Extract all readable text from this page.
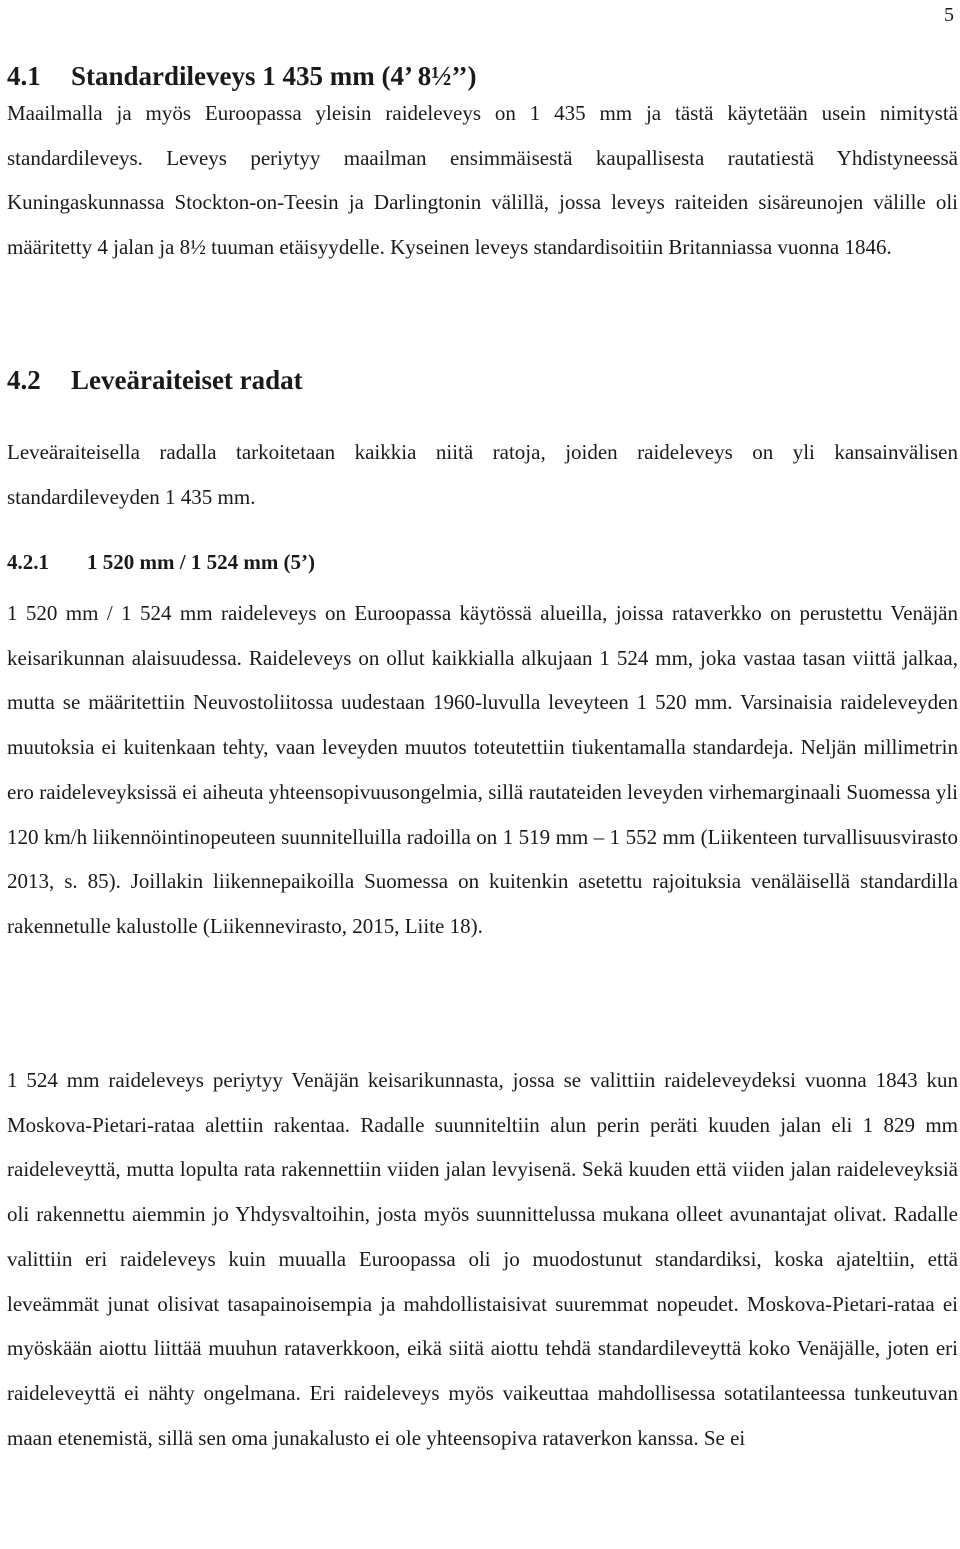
5
4.1 Standardileveys 1 435 mm (4’ 8½’’)

Maailmalla ja myös Euroopassa yleisin raideleveys on 1 435 mm ja tästä käytetään usein nimitystä standardileveys. Leveys periytyy maailman ensimmäisestä kaupallisesta rautatiestä Yhdistyneessä Kuningaskunnassa Stockton-on-Teesin ja Darlingtonin välillä, jossa leveys raiteiden sisäreunojen välille oli määritetty 4 jalan ja 8½ tuuman etäisyydelle. Kyseinen leveys standardisoitiin Britanniassa vuonna 1846.

4.2 Leveäraiteiset radat

Leveäraiteisella radalla tarkoitetaan kaikkia niitä ratoja, joiden raideleveys on yli kansainvälisen standardileveyden 1 435 mm.

4.2.1 1 520 mm / 1 524 mm (5’)

1 520 mm / 1 524 mm raideleveys on Euroopassa käytössä alueilla, joissa rataverkko on perustettu Venäjän keisarikunnan alaisuudessa. Raideleveys on ollut kaikkialla alkujaan 1 524 mm, joka vastaa tasan viittä jalkaa, mutta se määritettiin Neuvostoliitossa uudestaan 1960-luvulla leveyteen 1 520 mm. Varsinaisia raideleveyden muutoksia ei kuitenkaan tehty, vaan leveyden muutos toteutettiin tiukentamalla standardeja. Neljän millimetrin ero raideleveyksissä ei aiheuta yhteensopivuusongelmia, sillä rautateiden leveyden virhemarginaali Suomessa yli 120 km/h liikennöintinopeuteen suunnitelluilla radoilla on 1 519 mm – 1 552 mm (Liikenteen turvallisuusvirasto 2013, s. 85). Joillakin liikennepaikoilla Suomessa on kuitenkin asetettu rajoituksia venäläisellä standardilla rakennetulle kalustolle (Liikennevirasto, 2015, Liite 18).

1 524 mm raideleveys periytyy Venäjän keisarikunnasta, jossa se valittiin raideleveydeksi vuonna 1843 kun Moskova-Pietari-rataa alettiin rakentaa. Radalle suunniteltiin alun perin peräti kuuden jalan eli 1 829 mm raideleveyttä, mutta lopulta rata rakennettiin viiden jalan levyisenä. Sekä kuuden että viiden jalan raideleveyksiä oli rakennettu aiemmin jo Yhdysvaltoihin, josta myös suunnittelussa mukana olleet avunantajat olivat. Radalle valittiin eri raideleveys kuin muualla Euroopassa oli jo muodostunut standardiksi, koska ajateltiin, että leveämmät junat olisivat tasapainoisempia ja mahdollistaisivat suuremmat nopeudet. Moskova-Pietari-rataa ei myöskään aiottu liittää muuhun rataverkkoon, eikä siitä aiottu tehdä standardileveyttä koko Venäjälle, joten eri raideleveyttä ei nähty ongelmana. Eri raideleveys myös vaikeuttaa mahdollisessa sotatilanteessa tunkeutuvan maan etenemistä, sillä sen oma junakalusto ei ole yhteensopiva rataverkon kanssa. Se ei
